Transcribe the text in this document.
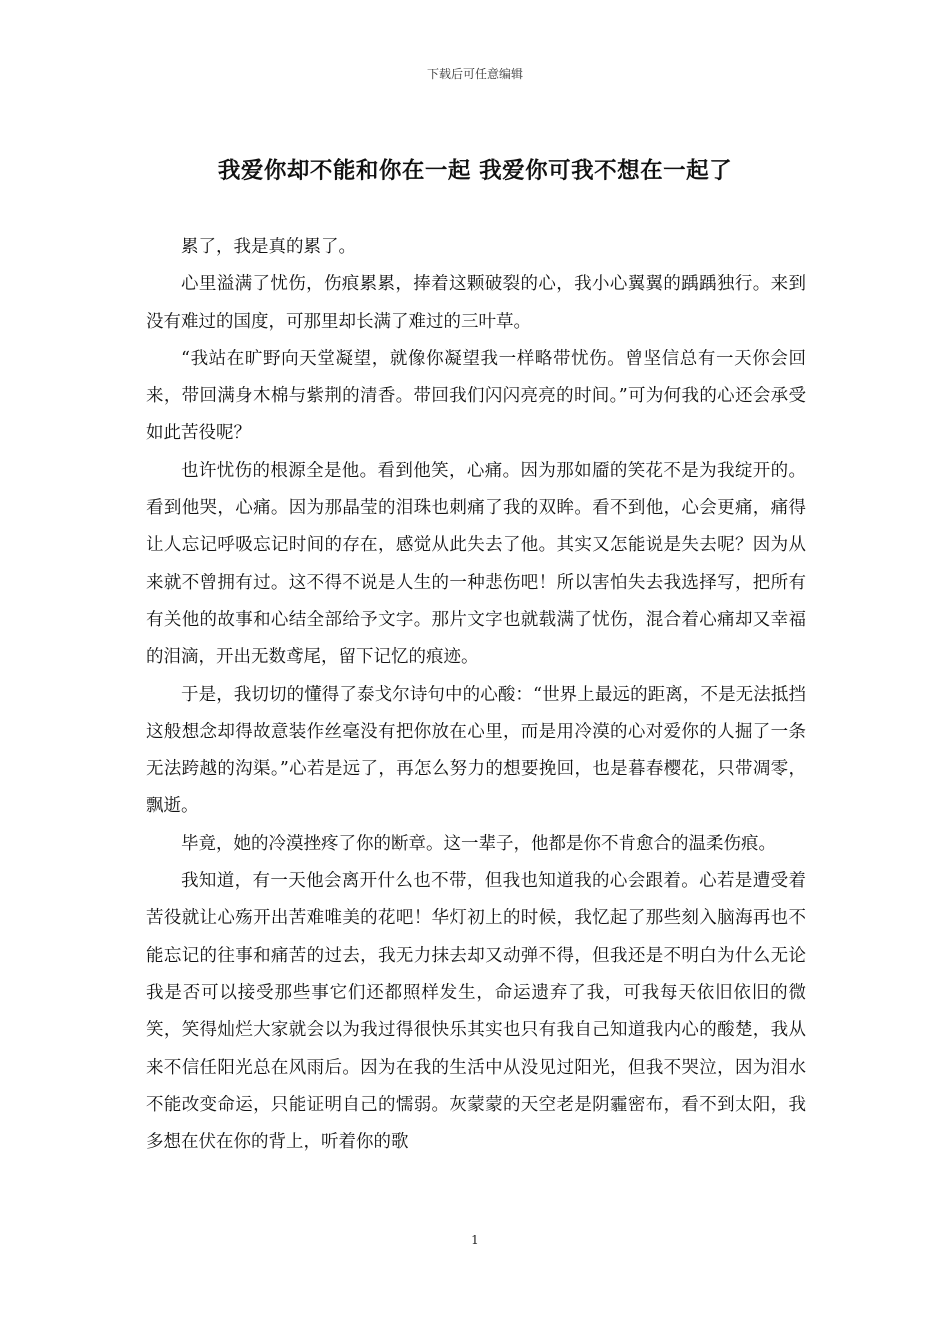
下载后可任意编辑
我爱你却不能和你在一起 我爱你可我不想在一起了

累了，我是真的累了。

心里溢满了忧伤，伤痕累累，捧着这颗破裂的心，我小心翼翼的踽踽独行。来到没有难过的国度，可那里却长满了难过的三叶草。

“我站在旷野向天堂凝望，就像你凝望我一样略带忧伤。曾坚信总有一天你会回来，带回满身木棉与紫荆的清香。带回我们闪闪亮亮的时间。”可为何我的心还会承受如此苦役呢？

也许忧伤的根源全是他。看到他笑，心痛。因为那如靥的笑花不是为我绽开的。看到他哭，心痛。因为那晶莹的泪珠也刺痛了我的双眸。看不到他，心会更痛，痛得让人忘记呼吸忘记时间的存在，感觉从此失去了他。其实又怎能说是失去呢？因为从来就不曾拥有过。这不得不说是人生的一种悲伤吧！所以害怕失去我选择写，把所有有关他的故事和心结全部给予文字。那片文字也就载满了忧伤，混合着心痛却又幸福的泪滴，开出无数鸢尾，留下记忆的痕迹。

于是，我切切的懂得了泰戈尔诗句中的心酸：“世界上最远的距离，不是无法抵挡这般想念却得故意装作丝毫没有把你放在心里，而是用冷漠的心对爱你的人掘了一条无法跨越的沟渠。”心若是远了，再怎么努力的想要挽回，也是暮春樱花，只带凋零，飘逝。

毕竟，她的冷漠挫疼了你的断章。这一辈子，他都是你不肯愈合的温柔伤痕。

我知道，有一天他会离开什么也不带，但我也知道我的心会跟着。心若是遭受着苦役就让心殇开出苦难唯美的花吧！华灯初上的时候，我忆起了那些刻入脑海再也不能忘记的往事和痛苦的过去，我无力抹去却又动弹不得，但我还是不明白为什么无论我是否可以接受那些事它们还都照样发生，命运遗弃了我，可我每天依旧依旧的微笑，笑得灿烂大家就会以为我过得很快乐其实也只有我自己知道我内心的酸楚，我从来不信任阳光总在风雨后。因为在我的生活中从没见过阳光，但我不哭泣，因为泪水不能改变命运，只能证明自己的懦弱。灰蒙蒙的天空老是阴霾密布，看不到太阳，我多想在伏在你的背上，听着你的歌

1
